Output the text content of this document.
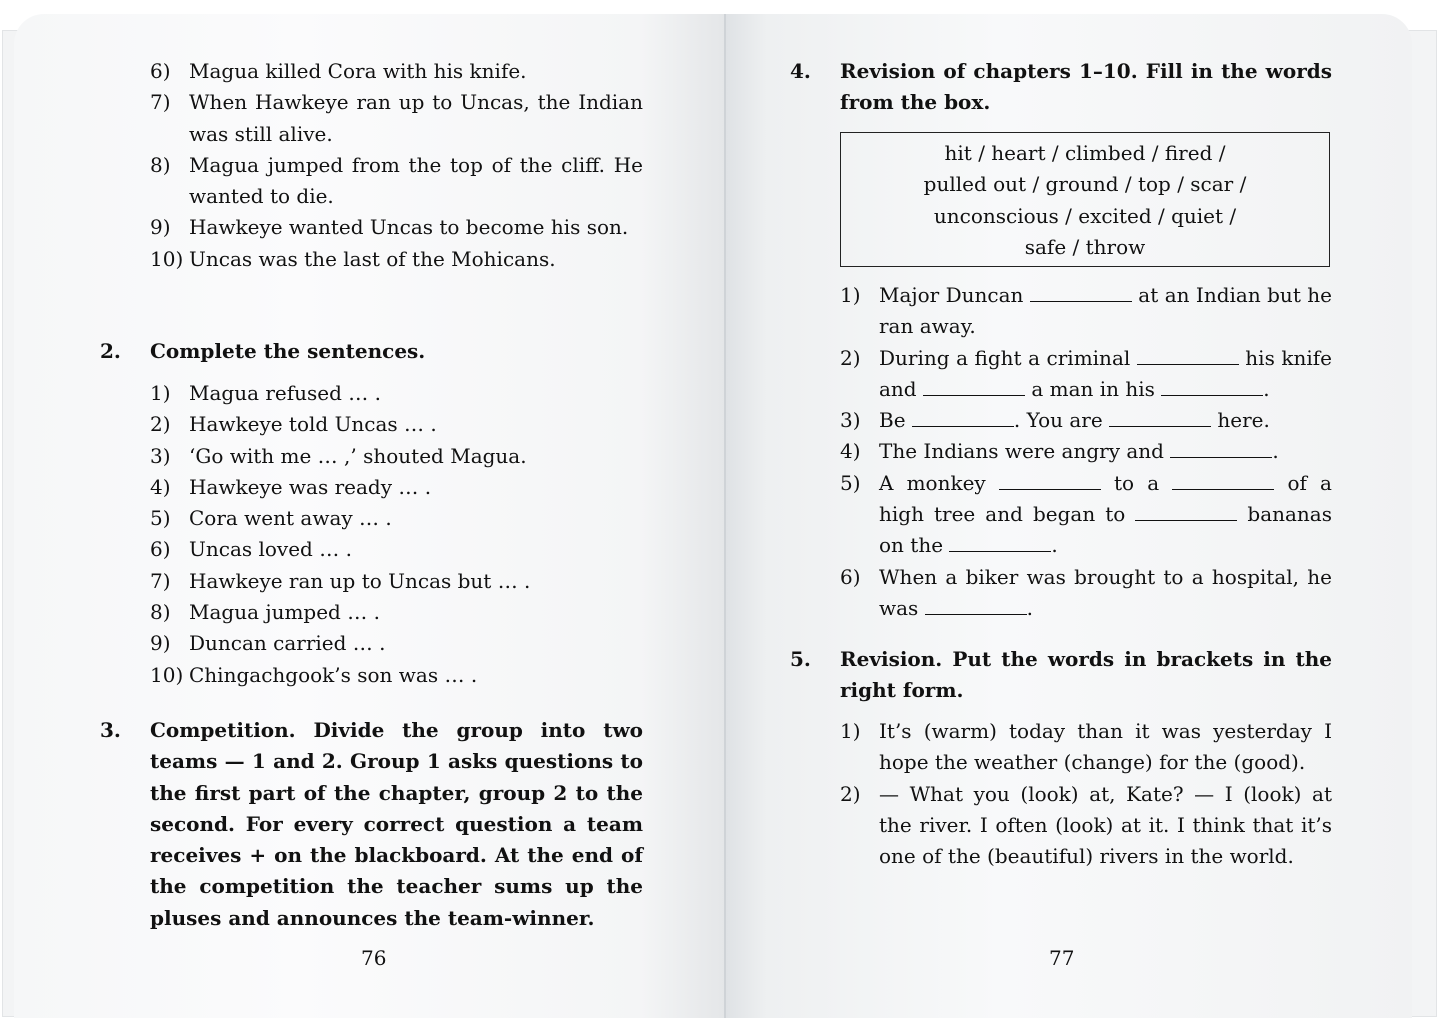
6) Magua killed Cora with his knife.
7) When Hawkeye ran up to Uncas, the Indian was still alive.
8) Magua jumped from the top of the cliff. He wanted to die.
9) Hawkeye wanted Uncas to become his son.
10) Uncas was the last of the Mohicans.
2.	Complete the sentences.
1) Magua refused … .
2) Hawkeye told Uncas … .
3) ‘Go with me … ,’ shouted Magua.
4) Hawkeye was ready … .
5) Cora went away … .
6) Uncas loved … .
7) Hawkeye ran up to Uncas but … .
8) Magua jumped … .
9) Duncan carried … .
10) Chingachgook’s son was … .
3.	Competition. Divide the group into two teams — 1 and 2. Group 1 asks questions to the first part of the chapter, group 2 to the second. For every correct question a team receives + on the blackboard. At the end of the competition the teacher sums up the pluses and announces the team-winner.
76
4.	Revision of chapters 1–10. Fill in the words from the box.
hit / heart / climbed / fired /
pulled out / ground / top / scar /
unconscious / excited / quiet /
safe / throw
1) Major Duncan	at an Indian but he ran away.
2) During a fight a criminal	his knife and	a man in his	.
3) Be	. You are	here.
4) The Indians were angry and	.
5) A monkey	to a	of a high tree and began to	bananas on the	.
6) When a biker was brought to a hospital, he was	.
5.	Revision. Put the words in brackets in the right form.
1) It’s (warm) today than it was yesterday I hope the weather (change) for the (good).
2) — What you (look) at, Kate? — I (look) at the river. I often (look) at it. I think that it’s one of the (beautiful) rivers in the world.
77
